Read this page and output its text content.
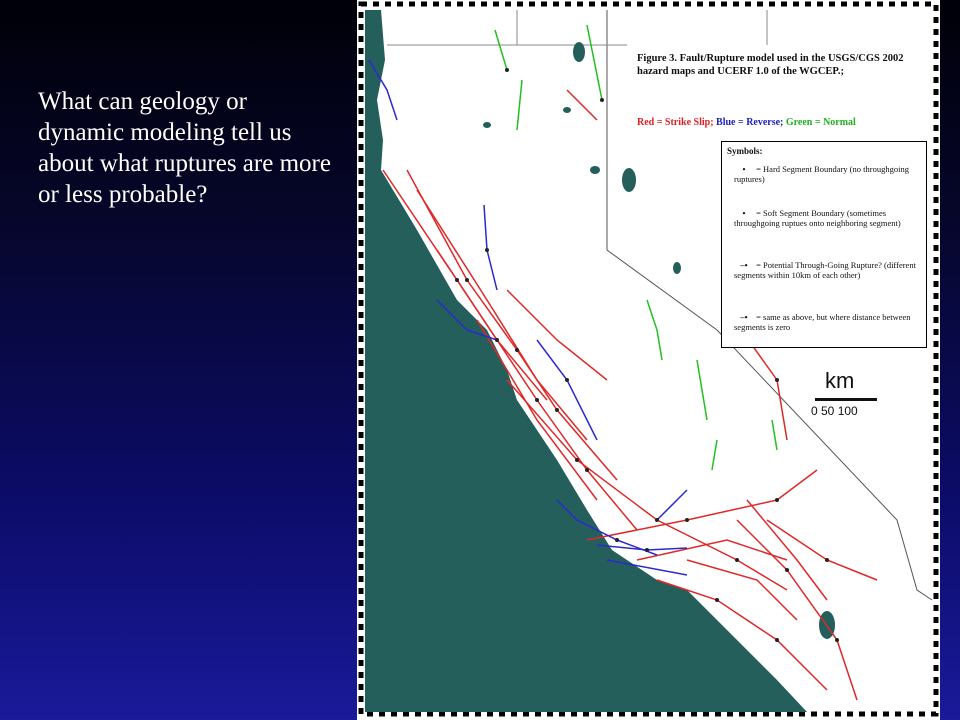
What can geology or dynamic modeling tell us about what ruptures are more or less probable?

Figure 3. Fault/Rupture model used in the USGS/CGS 2002 hazard maps and UCERF 1.0 of the WGCEP.;
Red = Strike Slip; Blue = Reverse; Green = Normal
Symbols:
• = Hard Segment Boundary (no throughgoing ruptures)
• = Soft Segment Boundary (sometimes throughgoing ruptues onto neighboring segment)
–• = Potential Through-Going Rupture? (different segments within 10km of each other)
–• = same as above, but where distance between segments is zero
km
0 50 100
